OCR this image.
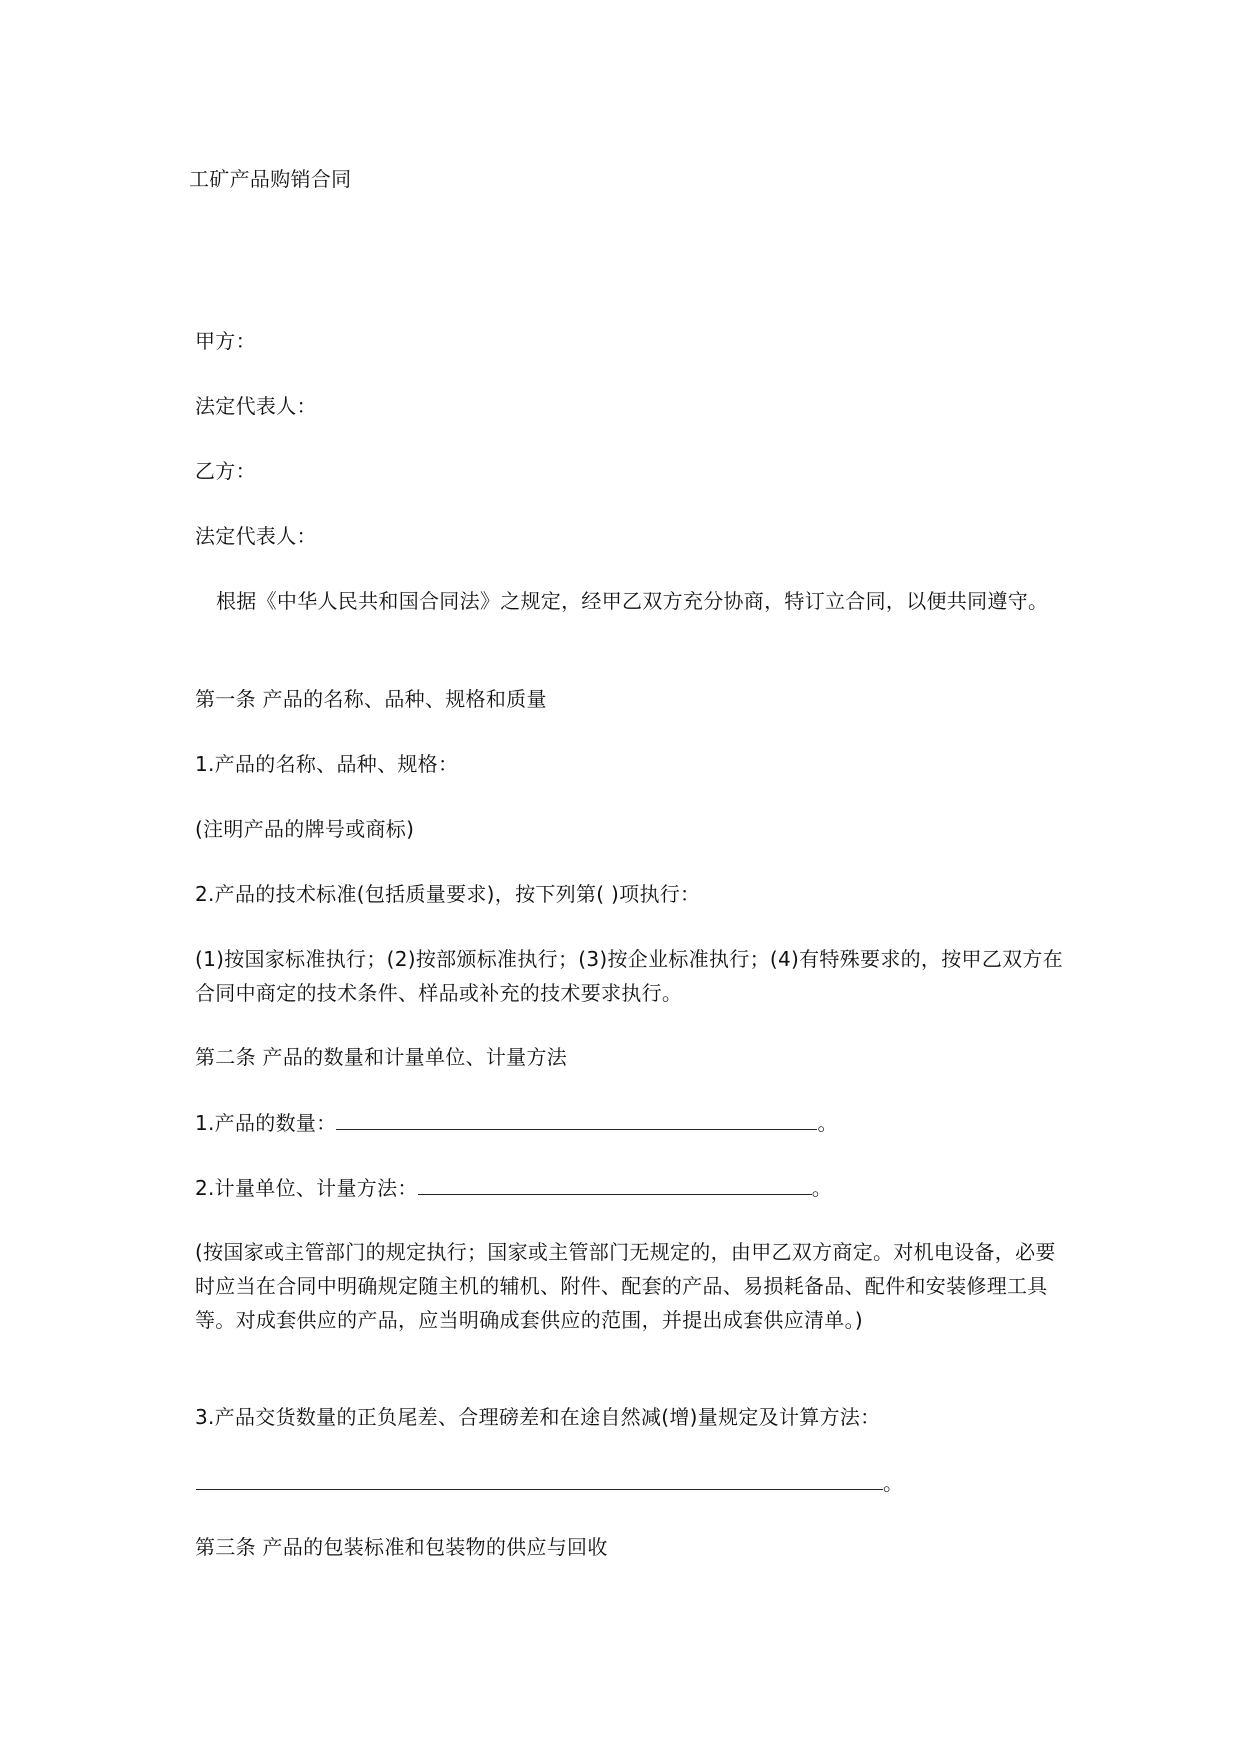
工矿产品购销合同

甲方：

法定代表人：

乙方：

法定代表人：

根据《中华人民共和国合同法》之规定，经甲乙双方充分协商，特订立合同，以便共同遵守。

第一条 产品的名称、品种、规格和质量

1.产品的名称、品种、规格：

(注明产品的牌号或商标)

2.产品的技术标准(包括质量要求)，按下列第( )项执行：

(1)按国家标准执行；(2)按部颁标准执行；(3)按企业标准执行；(4)有特殊要求的，按甲乙双方在合同中商定的技术条件、样品或补充的技术要求执行。

第二条 产品的数量和计量单位、计量方法

1.产品的数量：	。

2.计量单位、计量方法：	。

(按国家或主管部门的规定执行；国家或主管部门无规定的，由甲乙双方商定。对机电设备，必要时应当在合同中明确规定随主机的辅机、附件、配套的产品、易损耗备品、配件和安装修理工具等。对成套供应的产品，应当明确成套供应的范围，并提出成套供应清单。)

3.产品交货数量的正负尾差、合理磅差和在途自然减(增)量规定及计算方法：

。

第三条 产品的包装标准和包装物的供应与回收
